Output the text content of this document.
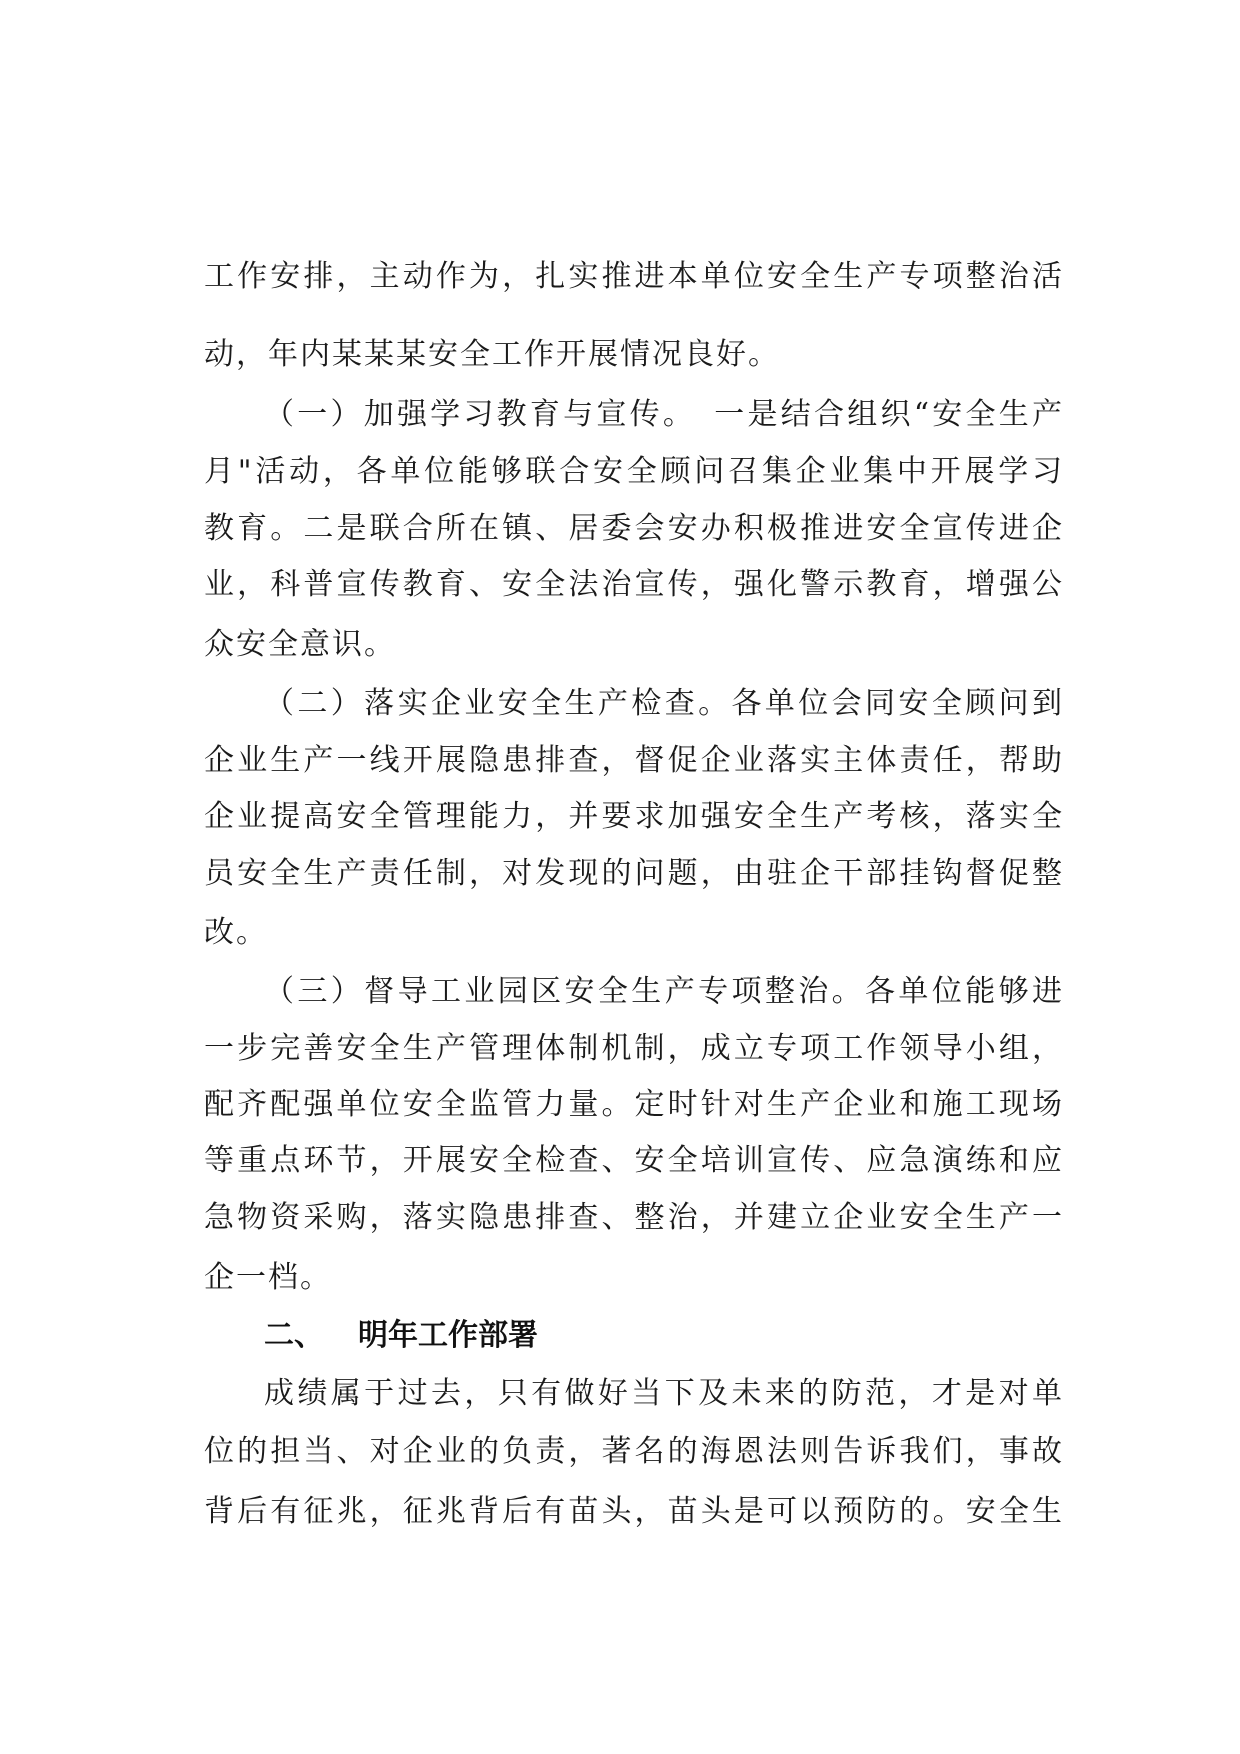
工作安排，主动作为，扎实推进本单位安全生产专项整治活
动，年内某某某安全工作开展情况良好。
（一）加强学习教育与宣传。　一是结合组织“安全生产
月"活动，各单位能够联合安全顾问召集企业集中开展学习
教育。二是联合所在镇、居委会安办积极推进安全宣传进企
业，科普宣传教育、安全法治宣传，强化警示教育，增强公
众安全意识。
（二）落实企业安全生产检查。各单位会同安全顾问到
企业生产一线开展隐患排查，督促企业落实主体责任，帮助
企业提高安全管理能力，并要求加强安全生产考核，落实全
员安全生产责任制，对发现的问题，由驻企干部挂钩督促整
改。
（三）督导工业园区安全生产专项整治。各单位能够进
一步完善安全生产管理体制机制，成立专项工作领导小组，
配齐配强单位安全监管力量。定时针对生产企业和施工现场
等重点环节，开展安全检查、安全培训宣传、应急演练和应
急物资采购，落实隐患排查、整治，并建立企业安全生产一
企一档。
二、 明年工作部署
成绩属于过去，只有做好当下及未来的防范，才是对单
位的担当、对企业的负责，著名的海恩法则告诉我们，事故
背后有征兆，征兆背后有苗头，苗头是可以预防的。安全生
